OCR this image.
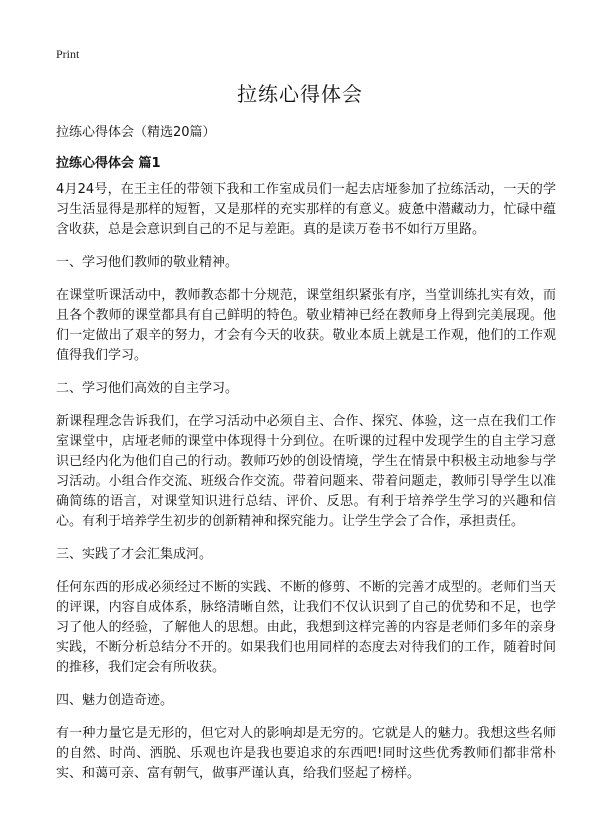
Print
拉练心得体会

拉练心得体会（精选20篇）

拉练心得体会 篇1

4月24号，在王主任的带领下我和工作室成员们一起去店垭参加了拉练活动，一天的学习生活显得是那样的短暂，又是那样的充实那样的有意义。疲惫中潜藏动力，忙碌中蕴含收获，总是会意识到自己的不足与差距。真的是读万卷书不如行万里路。

一、学习他们教师的敬业精神。

在课堂听课活动中，教师教态都十分规范，课堂组织紧张有序，当堂训练扎实有效，而且各个教师的课堂都具有自己鲜明的特色。敬业精神已经在教师身上得到完美展现。他们一定做出了艰辛的努力，才会有今天的收获。敬业本质上就是工作观，他们的工作观值得我们学习。

二、学习他们高效的自主学习。

新课程理念告诉我们，在学习活动中必须自主、合作、探究、体验，这一点在我们工作室课堂中，店垭老师的课堂中体现得十分到位。在听课的过程中发现学生的自主学习意识已经内化为他们自己的行动。教师巧妙的创设情境，学生在情景中积极主动地参与学习活动。小组合作交流、班级合作交流。带着问题来、带着问题走，教师引导学生以准确简练的语言，对课堂知识进行总结、评价、反思。有利于培养学生学习的兴趣和信心。有利于培养学生初步的创新精神和探究能力。让学生学会了合作，承担责任。

三、实践了才会汇集成河。

任何东西的形成必须经过不断的实践、不断的修剪、不断的完善才成型的。老师们当天的评课，内容自成体系，脉络清晰自然，让我们不仅认识到了自己的优势和不足，也学习了他人的经验，了解他人的思想。由此，我想到这样完善的内容是老师们多年的亲身实践，不断分析总结分不开的。如果我们也用同样的态度去对待我们的工作，随着时间的推移，我们定会有所收获。

四、魅力创造奇迹。

有一种力量它是无形的，但它对人的影响却是无穷的。它就是人的魅力。我想这些名师的自然、时尚、洒脱、乐观也许是我也要追求的东西吧!同时这些优秀教师们都非常朴实、和蔼可亲、富有朝气，做事严谨认真，给我们竖起了榜样。
